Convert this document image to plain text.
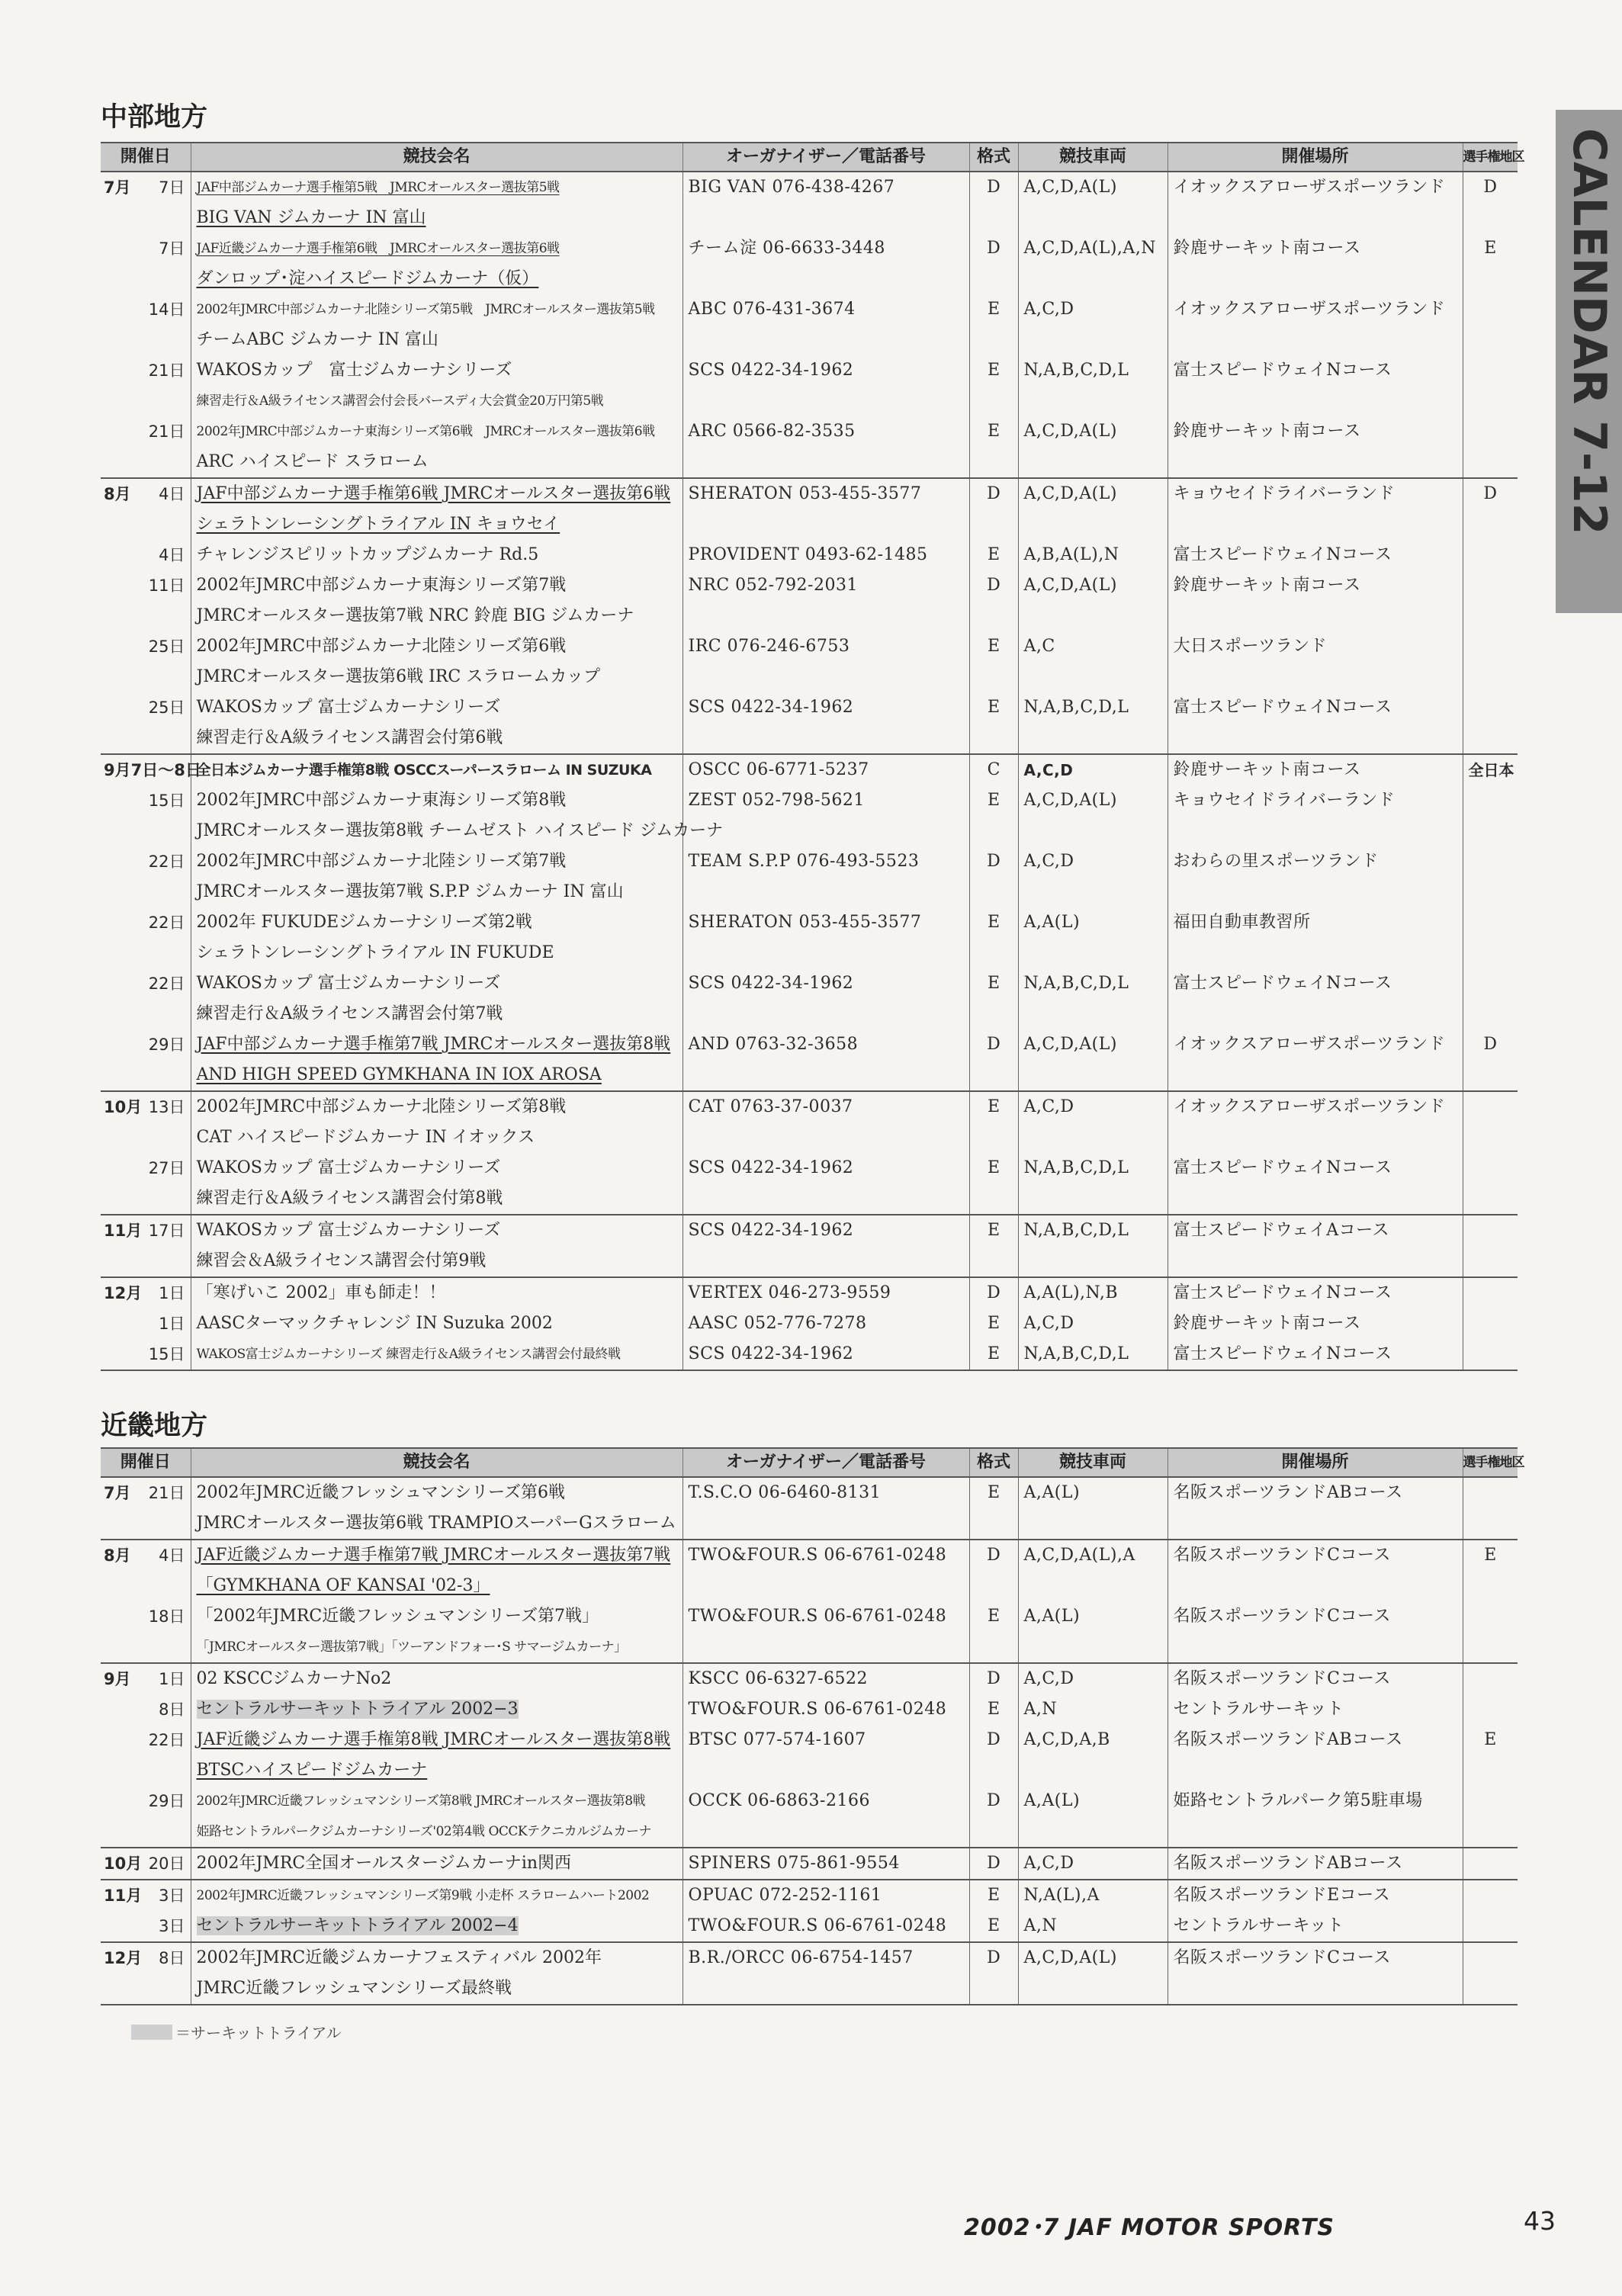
CALENDAR 7-12
中部地方
開催日	競技会名	オーガナイザー／電話番号	格式	競技車両	開催場所	選手権地区

7月 7日	JAF中部ジムカーナ選手権第5戦　JMRCオールスター選抜第5戦
BIG VAN ジムカーナ IN 富山	BIG VAN 076-438-4267	D	A,C,D,A(L)	イオックスアローザスポーツランド	D

7日	JAF近畿ジムカーナ選手権第6戦　JMRCオールスター選抜第6戦
ダンロップ･淀ハイスピードジムカーナ（仮）	チーム淀 06-6633-3448	D	A,C,D,A(L),A,N	鈴鹿サーキット南コース	E

14日	2002年JMRC中部ジムカーナ北陸シリーズ第5戦　JMRCオールスター選抜第5戦
チームABC ジムカーナ IN 富山	ABC 076-431-3674	E	A,C,D	イオックスアローザスポーツランド	

21日	WAKOSカップ　富士ジムカーナシリーズ
練習走行＆A級ライセンス講習会付会長バースディ大会賞金20万円第5戦	SCS 0422-34-1962	E	N,A,B,C,D,L	富士スピードウェイNコース	

21日	2002年JMRC中部ジムカーナ東海シリーズ第6戦　JMRCオールスター選抜第6戦
ARC ハイスピード スラローム	ARC 0566-82-3535	E	A,C,D,A(L)	鈴鹿サーキット南コース	

8月 4日	JAF中部ジムカーナ選手権第6戦 JMRCオールスター選抜第6戦
シェラトンレーシングトライアル IN キョウセイ	SHERATON 053-455-3577	D	A,C,D,A(L)	キョウセイドライバーランド	D

4日	チャレンジスピリットカップジムカーナ Rd.5	PROVIDENT 0493-62-1485	E	A,B,A(L),N	富士スピードウェイNコース	

11日	2002年JMRC中部ジムカーナ東海シリーズ第7戦
JMRCオールスター選抜第7戦 NRC 鈴鹿 BIG ジムカーナ	NRC 052-792-2031	D	A,C,D,A(L)	鈴鹿サーキット南コース	

25日	2002年JMRC中部ジムカーナ北陸シリーズ第6戦
JMRCオールスター選抜第6戦 IRC スラロームカップ	IRC 076-246-6753	E	A,C	大日スポーツランド	

25日	WAKOSカップ 富士ジムカーナシリーズ
練習走行＆A級ライセンス講習会付第6戦	SCS 0422-34-1962	E	N,A,B,C,D,L	富士スピードウェイNコース	

9月7日〜8日	全日本ジムカーナ選手権第8戦 OSCCスーパースラローム IN SUZUKA	OSCC 06-6771-5237	C	A,C,D	鈴鹿サーキット南コース	全日本

15日	2002年JMRC中部ジムカーナ東海シリーズ第8戦
JMRCオールスター選抜第8戦 チームゼスト ハイスピード ジムカーナ	ZEST 052-798-5621	E	A,C,D,A(L)	キョウセイドライバーランド	

22日	2002年JMRC中部ジムカーナ北陸シリーズ第7戦
JMRCオールスター選抜第7戦 S.P.P ジムカーナ IN 富山	TEAM S.P.P 076-493-5523	D	A,C,D	おわらの里スポーツランド	

22日	2002年 FUKUDEジムカーナシリーズ第2戦
シェラトンレーシングトライアル IN FUKUDE	SHERATON 053-455-3577	E	A,A(L)	福田自動車教習所	

22日	WAKOSカップ 富士ジムカーナシリーズ
練習走行＆A級ライセンス講習会付第7戦	SCS 0422-34-1962	E	N,A,B,C,D,L	富士スピードウェイNコース	

29日	JAF中部ジムカーナ選手権第7戦 JMRCオールスター選抜第8戦
AND HIGH SPEED GYMKHANA IN IOX AROSA	AND 0763-32-3658	D	A,C,D,A(L)	イオックスアローザスポーツランド	D

10月 13日	2002年JMRC中部ジムカーナ北陸シリーズ第8戦
CAT ハイスピードジムカーナ IN イオックス	CAT 0763-37-0037	E	A,C,D	イオックスアローザスポーツランド	

27日	WAKOSカップ 富士ジムカーナシリーズ
練習走行＆A級ライセンス講習会付第8戦	SCS 0422-34-1962	E	N,A,B,C,D,L	富士スピードウェイNコース	

11月 17日	WAKOSカップ 富士ジムカーナシリーズ
練習会＆A級ライセンス講習会付第9戦	SCS 0422-34-1962	E	N,A,B,C,D,L	富士スピードウェイAコース	

12月 1日	「寒げいこ 2002」車も師走！！	VERTEX 046-273-9559	D	A,A(L),N,B	富士スピードウェイNコース	

1日	AASCターマックチャレンジ IN Suzuka 2002	AASC 052-776-7278	E	A,C,D	鈴鹿サーキット南コース	

15日	WAKOS富士ジムカーナシリーズ 練習走行＆A級ライセンス講習会付最終戦	SCS 0422-34-1962	E	N,A,B,C,D,L	富士スピードウェイNコース	
近畿地方
開催日	競技会名	オーガナイザー／電話番号	格式	競技車両	開催場所	選手権地区

7月 21日	2002年JMRC近畿フレッシュマンシリーズ第6戦
JMRCオールスター選抜第6戦 TRAMPIOスーパーGスラローム	T.S.C.O 06-6460-8131	E	A,A(L)	名阪スポーツランドABコース	

8月 4日	JAF近畿ジムカーナ選手権第7戦 JMRCオールスター選抜第7戦
「GYMKHANA OF KANSAI '02-3」	TWO&FOUR.S 06-6761-0248	D	A,C,D,A(L),A	名阪スポーツランドCコース	E

18日	「2002年JMRC近畿フレッシュマンシリーズ第7戦」
「JMRCオールスター選抜第7戦」「ツーアンドフォー･S サマージムカーナ」	TWO&FOUR.S 06-6761-0248	E	A,A(L)	名阪スポーツランドCコース	

9月 1日	02 KSCCジムカーナNo2	KSCC 06-6327-6522	D	A,C,D	名阪スポーツランドCコース	

8日	セントラルサーキットトライアル 2002−3	TWO&FOUR.S 06-6761-0248	E	A,N	セントラルサーキット	

22日	JAF近畿ジムカーナ選手権第8戦 JMRCオールスター選抜第8戦
BTSCハイスピードジムカーナ	BTSC 077-574-1607	D	A,C,D,A,B	名阪スポーツランドABコース	E

29日	2002年JMRC近畿フレッシュマンシリーズ第8戦 JMRCオールスター選抜第8戦
姫路セントラルパークジムカーナシリーズ'02第4戦 OCCKテクニカルジムカーナ	OCCK 06-6863-2166	D	A,A(L)	姫路セントラルパーク第5駐車場	

10月 20日	2002年JMRC全国オールスタージムカーナin関西	SPINERS 075-861-9554	D	A,C,D	名阪スポーツランドABコース	

11月 3日	2002年JMRC近畿フレッシュマンシリーズ第9戦 小走杯 スラロームハート2002	OPUAC 072-252-1161	E	N,A(L),A	名阪スポーツランドEコース	

3日	セントラルサーキットトライアル 2002−4	TWO&FOUR.S 06-6761-0248	E	A,N	セントラルサーキット	

12月 8日	2002年JMRC近畿ジムカーナフェスティバル 2002年
JMRC近畿フレッシュマンシリーズ最終戦	B.R./ORCC 06-6754-1457	D	A,C,D,A(L)	名阪スポーツランドCコース	
＝サーキットトライアル
2002･7 JAF MOTOR SPORTS	43
